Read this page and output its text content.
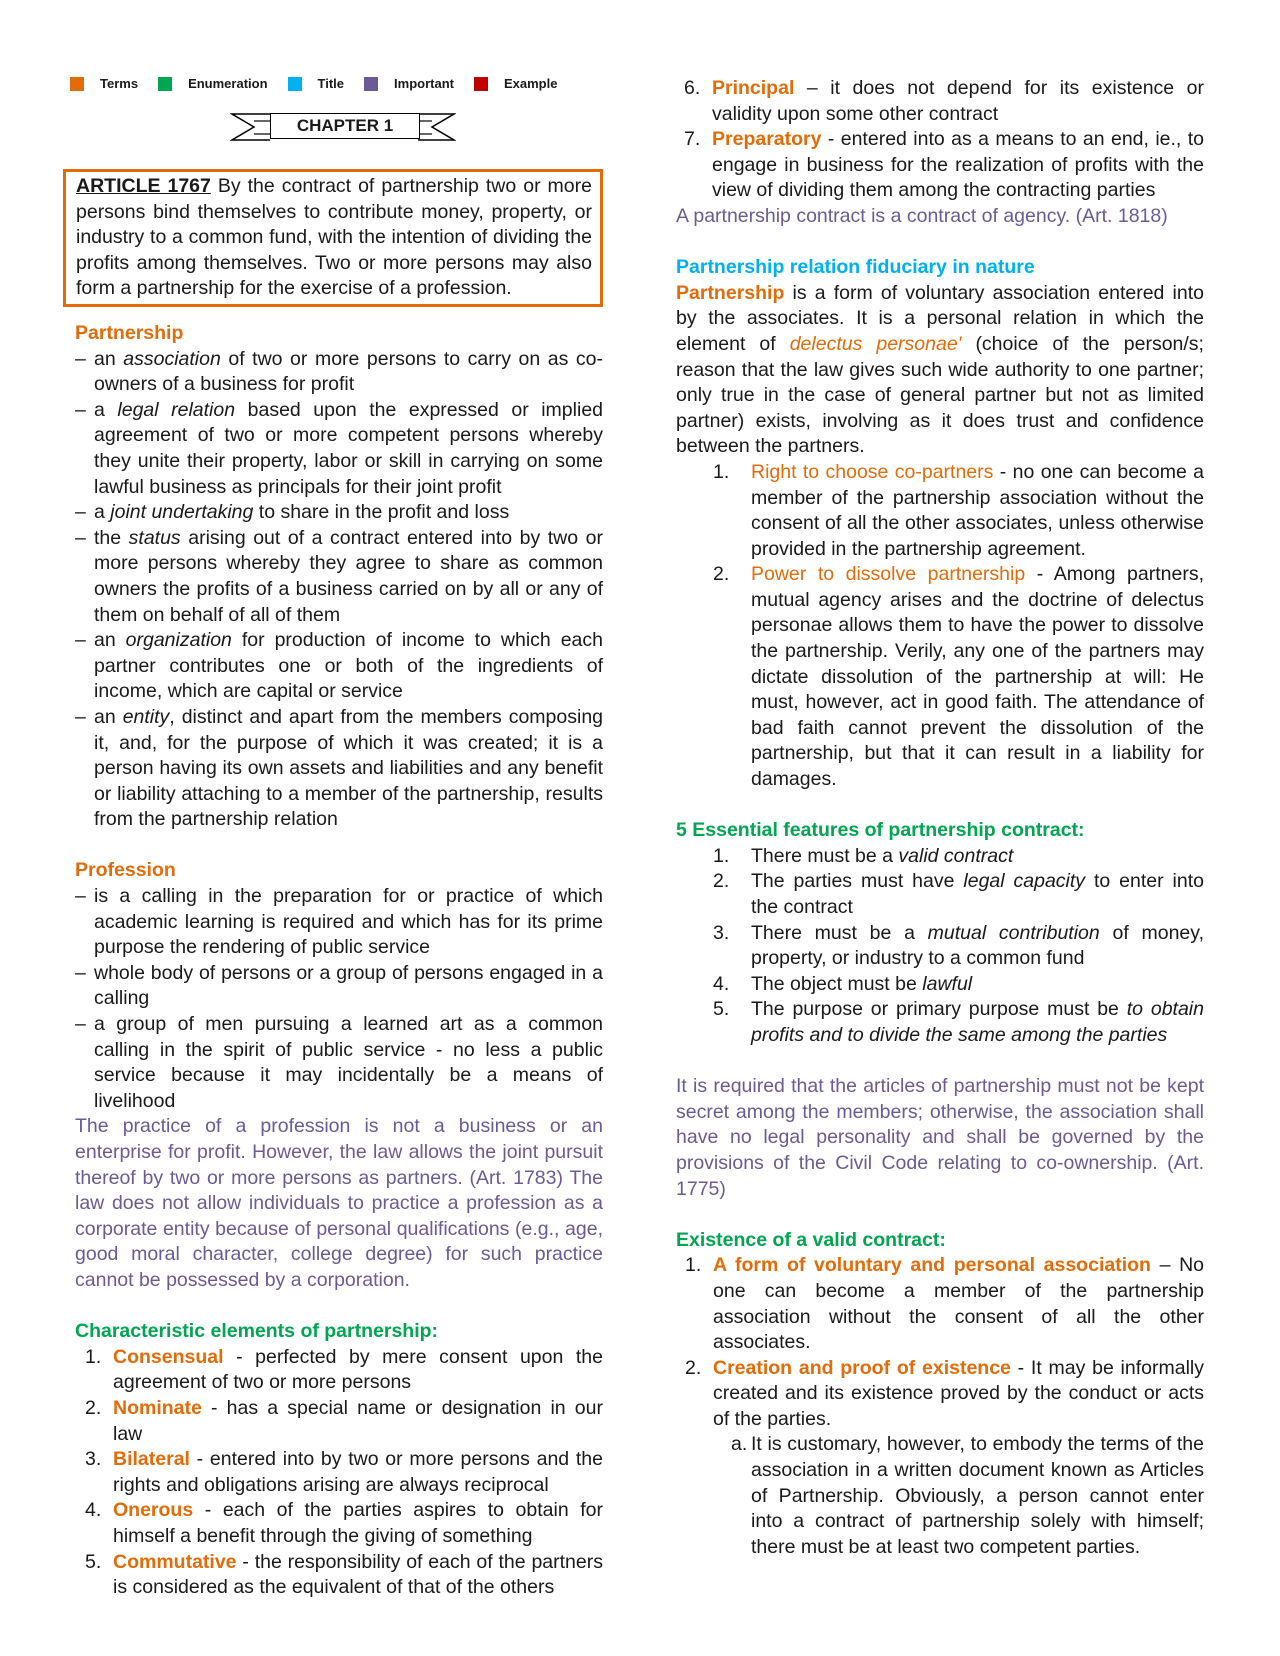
Terms	Enumeration	Title	Important	Example
CHAPTER 1
ARTICLE 1767 By the contract of partnership two or more persons bind themselves to contribute money, property, or industry to a common fund, with the intention of dividing the profits among themselves. Two or more persons may also form a partnership for the exercise of a profession.
Partnership
– an association of two or more persons to carry on as co-owners of a business for profit
– a legal relation based upon the expressed or implied agreement of two or more competent persons whereby they unite their property, labor or skill in carrying on some lawful business as principals for their joint profit
– a joint undertaking to share in the profit and loss
– the status arising out of a contract entered into by two or more persons whereby they agree to share as common owners the profits of a business carried on by all or any of them on behalf of all of them
– an organization for production of income to which each partner contributes one or both of the ingredients of income, which are capital or service
– an entity, distinct and apart from the members composing it, and, for the purpose of which it was created; it is a person having its own assets and liabilities and any benefit or liability attaching to a member of the partnership, results from the partnership relation
Profession
– is a calling in the preparation for or practice of which academic learning is required and which has for its prime purpose the rendering of public service
– whole body of persons or a group of persons engaged in a calling
– a group of men pursuing a learned art as a common calling in the spirit of public service - no less a public service because it may incidentally be a means of livelihood
The practice of a profession is not a business or an enterprise for profit. However, the law allows the joint pursuit thereof by two or more persons as partners. (Art. 1783) The law does not allow individuals to practice a profession as a corporate entity because of personal qualifications (e.g., age, good moral character, college degree) for such practice cannot be possessed by a corporation.
Characteristic elements of partnership:
1. Consensual - perfected by mere consent upon the agreement of two or more persons
2. Nominate - has a special name or designation in our law
3. Bilateral - entered into by two or more persons and the rights and obligations arising are always reciprocal
4. Onerous - each of the parties aspires to obtain for himself a benefit through the giving of something
5. Commutative - the responsibility of each of the partners is considered as the equivalent of that of the others
6. Principal – it does not depend for its existence or validity upon some other contract
7. Preparatory - entered into as a means to an end, ie., to engage in business for the realization of profits with the view of dividing them among the contracting parties
A partnership contract is a contract of agency. (Art. 1818)
Partnership relation fiduciary in nature
Partnership is a form of voluntary association entered into by the associates. It is a personal relation in which the element of delectus personae' (choice of the person/s; reason that the law gives such wide authority to one partner; only true in the case of general partner but not as limited partner) exists, involving as it does trust and confidence between the partners.
1. Right to choose co-partners - no one can become a member of the partnership association without the consent of all the other associates, unless otherwise provided in the partnership agreement.
2. Power to dissolve partnership - Among partners, mutual agency arises and the doctrine of delectus personae allows them to have the power to dissolve the partnership. Verily, any one of the partners may dictate dissolution of the partnership at will: He must, however, act in good faith. The attendance of bad faith cannot prevent the dissolution of the partnership, but that it can result in a liability for damages.
5 Essential features of partnership contract:
1. There must be a valid contract
2. The parties must have legal capacity to enter into the contract
3. There must be a mutual contribution of money, property, or industry to a common fund
4. The object must be lawful
5. The purpose or primary purpose must be to obtain profits and to divide the same among the parties
It is required that the articles of partnership must not be kept secret among the members; otherwise, the association shall have no legal personality and shall be governed by the provisions of the Civil Code relating to co-ownership. (Art. 1775)
Existence of a valid contract:
1. A form of voluntary and personal association – No one can become a member of the partnership association without the consent of all the other associates.
2. Creation and proof of existence - It may be informally created and its existence proved by the conduct or acts of the parties.
a. It is customary, however, to embody the terms of the association in a written document known as Articles of Partnership. Obviously, a person cannot enter into a contract of partnership solely with himself; there must be at least two competent parties.
